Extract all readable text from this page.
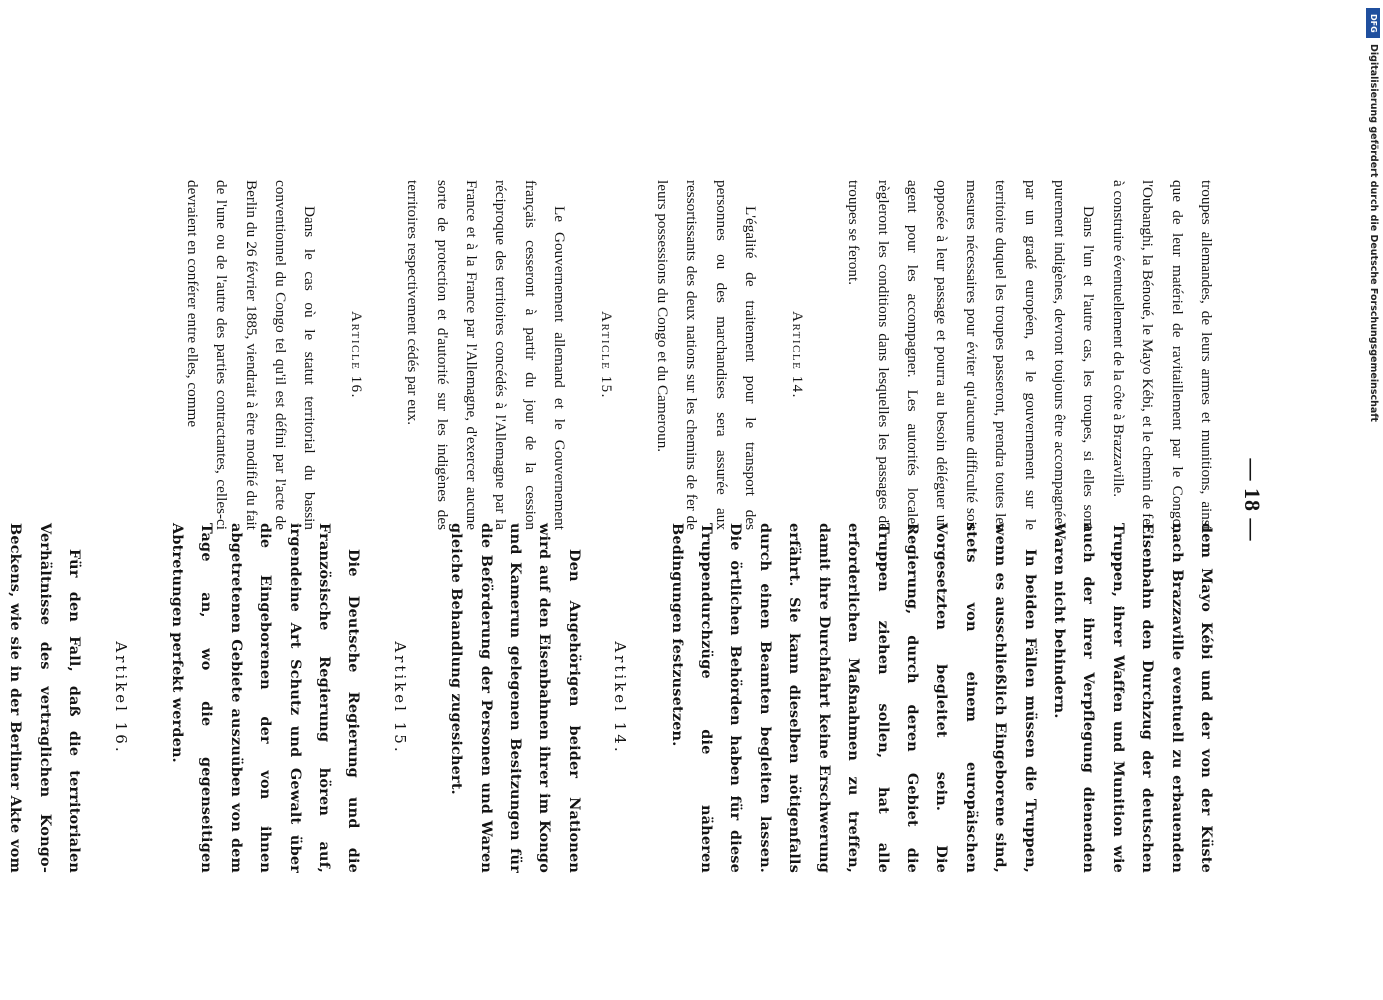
— 18 —

troupes allemandes, de leurs armes et munitions, ainsi que de leur matériel de ravitaillement par le Congo, l'Oubanghi, la Bénoué, le Mayo Kébi, et le chemin de fer à construire éventuellement de la côte à Brazzaville.

Dans l'un et l'autre cas, les troupes, si elles sont purement indigènes, devront toujours être accompagnées par un gradé européen, et le gouvernement sur le territoire duquel les troupes passeront, prendra toutes les mesures nécessaires pour éviter qu'aucune difficulté soit opposée à leur passage et pourra au besoin déléguer un agent pour les accompagner. Les autorités locales règleront les conditions dans lesquelles les passages de troupes se feront.

Article 14.

L'égalité de traitement pour le transport des personnes ou des marchandises sera assurée aux ressortissants des deux nations sur les chemins de fer de leurs possessions du Congo et du Cameroun.

Article 15.

Le Gouvernement allemand et le Gouvernement français cesseront à partir du jour de la cession réciproque des territoires concédés à l'Allemagne par la France et à la France par l'Allemagne, d'exercer aucune sorte de protection et d'autorité sur les indigènes des territoires respectivement cédés par eux.

Article 16.

Dans le cas où le statut territorial du bassin conventionnel du Congo tel qu'il est défini par l'acte de Berlin du 26 février 1885, viendrait à être modifié du fait de l'une ou de l'autre des parties contractantes, celles-ci devraient en conférer entre elles, comme

dem Mayo Kébi und der von der Küste nach Brazzaville eventuell zu erbauenden Eisenbahn den Durchzug der deutschen Truppen, ihrer Waffen und Munition wie auch der ihrer Verpflegung dienenden Waren nicht behindern.

In beiden Fällen müssen die Truppen, wenn es ausschließlich Eingeborene sind, stets von einem europäischen Vorgesetzten begleitet sein. Die Regierung, durch deren Gebiet die Truppen ziehen sollen, hat alle erforderlichen Maßnahmen zu treffen, damit ihre Durchfahrt keine Erschwerung erfährt. Sie kann dieselben nötigenfalls durch einen Beamten begleiten lassen. Die örtlichen Behörden haben für diese Truppendurchzüge die näheren Bedingungen festzusetzen.

Artikel 14.

Den Angehörigen beider Nationen wird auf den Eisenbahnen ihrer im Kongo und Kamerun gelegenen Besitzungen für die Beförderung der Personen und Waren gleiche Behandlung zugesichert.

Artikel 15.

Die Deutsche Regierung und die Französische Regierung hören auf, irgendeine Art Schutz und Gewalt über die Eingeborenen der von ihnen abgetretenen Gebiete auszuüben von dem Tage an, wo die gegenseitigen Abtretungen perfekt werden.

Artikel 16.

Für den Fall, daß die territorialen Verhältnisse des vertraglichen Kongo-Beckens, wie sie in der Berliner Akte vom

DFG
Digitalisierung gefördert durch die Deutsche Forschungsgemeinschaft
